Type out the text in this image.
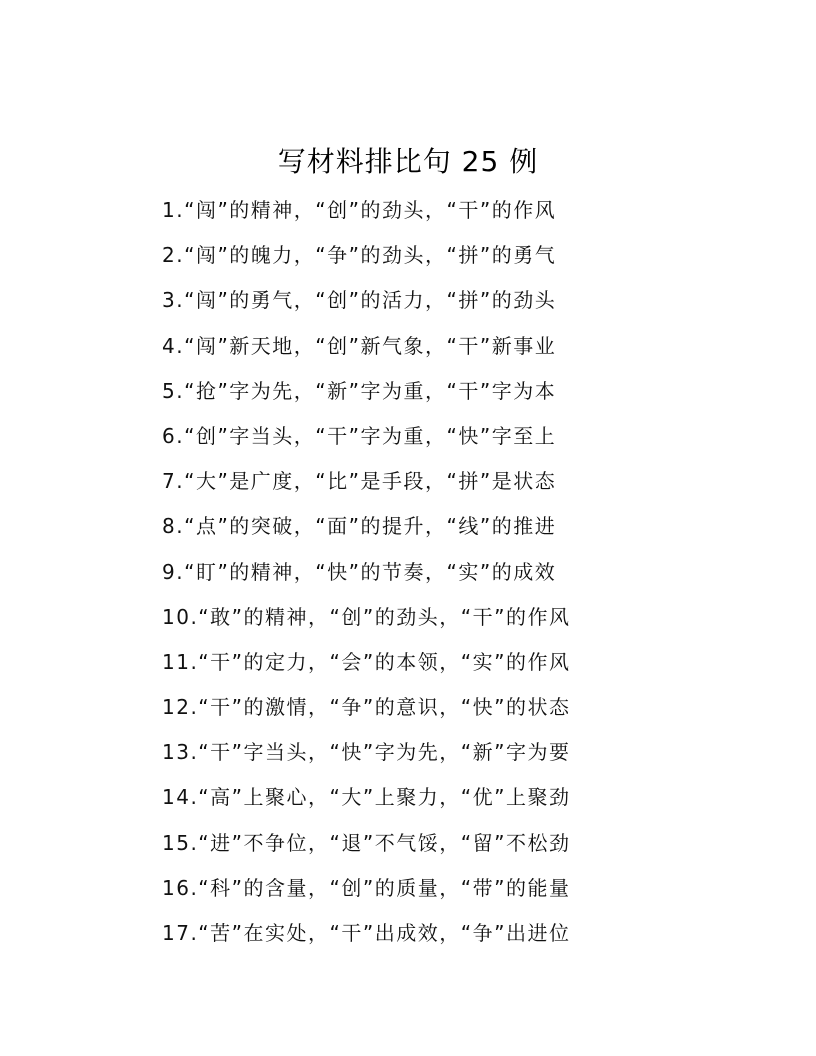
写材料排比句 25 例
1.“闯”的精神，“创”的劲头，“干”的作风
2.“闯”的魄力，“争”的劲头，“拼”的勇气
3.“闯”的勇气，“创”的活力，“拼”的劲头
4.“闯”新天地，“创”新气象，“干”新事业
5.“抢”字为先，“新”字为重，“干”字为本
6.“创”字当头，“干”字为重，“快”字至上
7.“大”是广度，“比”是手段，“拼”是状态
8.“点”的突破，“面”的提升，“线”的推进
9.“盯”的精神，“快”的节奏，“实”的成效
10.“敢”的精神，“创”的劲头，“干”的作风
11.“干”的定力，“会”的本领，“实”的作风
12.“干”的激情，“争”的意识，“快”的状态
13.“干”字当头，“快”字为先，“新”字为要
14.“高”上聚心，“大”上聚力，“优”上聚劲
15.“进”不争位，“退”不气馁，“留”不松劲
16.“科”的含量，“创”的质量，“带”的能量
17.“苦”在实处，“干”出成效，“争”出进位
